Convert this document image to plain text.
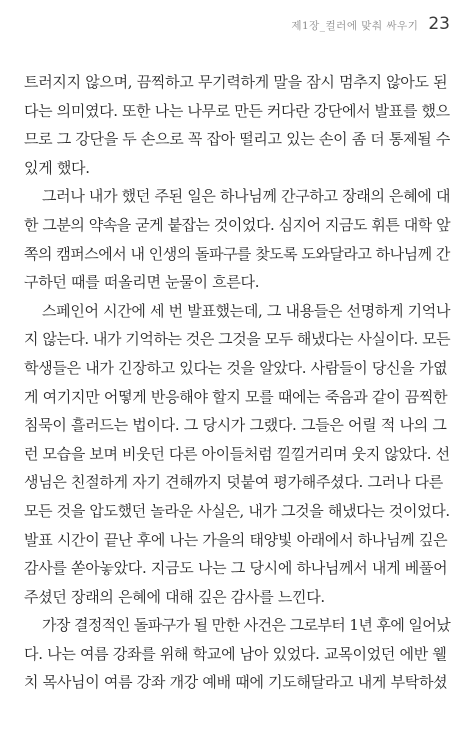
제1장_컬러에 맞춰 싸우기 23

트러지지 않으며, 끔찍하고 무기력하게 말을 잠시 멈추지 않아도 된
다는 의미였다. 또한 나는 나무로 만든 커다란 강단에서 발표를 했으
므로 그 강단을 두 손으로 꼭 잡아 떨리고 있는 손이 좀 더 통제될 수
있게 했다.

그러나 내가 했던 주된 일은 하나님께 간구하고 장래의 은혜에 대
한 그분의 약속을 굳게 붙잡는 것이었다. 심지어 지금도 휘튼 대학 앞
쪽의 캠퍼스에서 내 인생의 돌파구를 찾도록 도와달라고 하나님께 간
구하던 때를 떠올리면 눈물이 흐른다.

스페인어 시간에 세 번 발표했는데, 그 내용들은 선명하게 기억나
지 않는다. 내가 기억하는 것은 그것을 모두 해냈다는 사실이다. 모든
학생들은 내가 긴장하고 있다는 것을 알았다. 사람들이 당신을 가엾
게 여기지만 어떻게 반응해야 할지 모를 때에는 죽음과 같이 끔찍한
침묵이 흘러드는 법이다. 그 당시가 그랬다. 그들은 어릴 적 나의 그
런 모습을 보며 비웃던 다른 아이들처럼 낄낄거리며 웃지 않았다. 선
생님은 친절하게 자기 견해까지 덧붙여 평가해주셨다. 그러나 다른
모든 것을 압도했던 놀라운 사실은, 내가 그것을 해냈다는 것이었다.
발표 시간이 끝난 후에 나는 가을의 태양빛 아래에서 하나님께 깊은
감사를 쏟아놓았다. 지금도 나는 그 당시에 하나님께서 내게 베풀어
주셨던 장래의 은혜에 대해 깊은 감사를 느낀다.

가장 결정적인 돌파구가 될 만한 사건은 그로부터 1년 후에 일어났
다. 나는 여름 강좌를 위해 학교에 남아 있었다. 교목이었던 에반 웰
치 목사님이 여름 강좌 개강 예배 때에 기도해달라고 내게 부탁하셨
